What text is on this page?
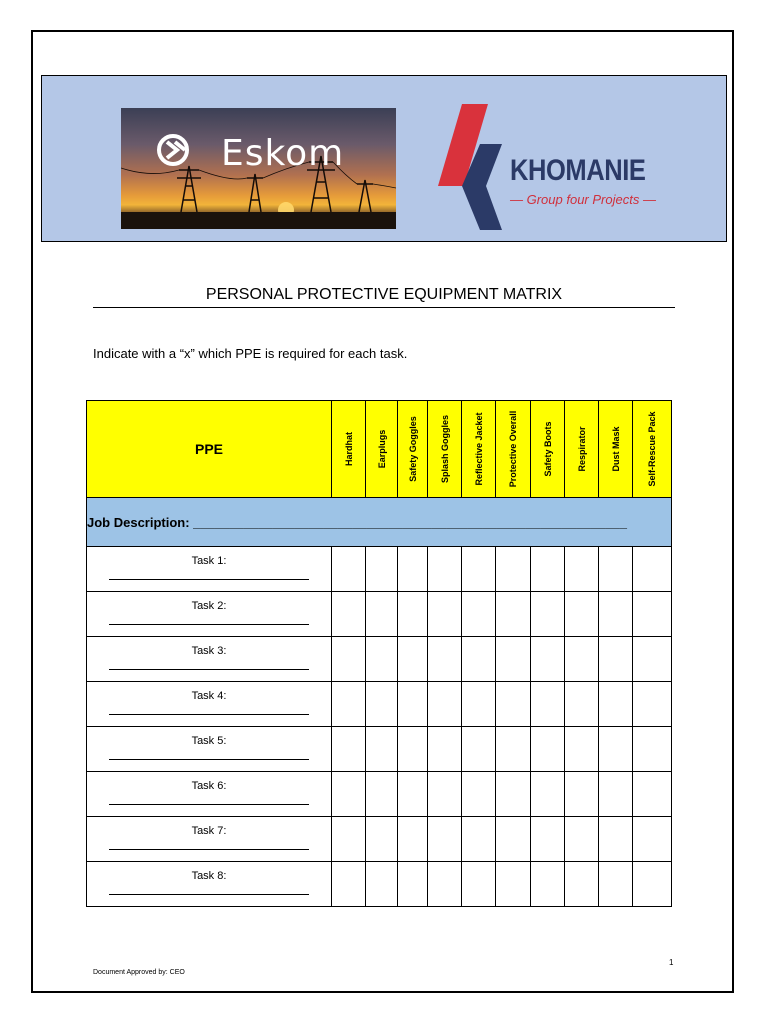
Eskom	KHOMANIE
— Group four Projects —
PERSONAL PROTECTIVE EQUIPMENT MATRIX
Indicate with a “x” which PPE is required for each task.
PPE	Hardhat	Earplugs	Safety Goggles	Splash Goggles	Reflective Jacket	Protective Overall	Safety Boots	Respirator	Dust Mask	Self-Rescue Pack

Job Description: ____________________________________________________________										

Task 1:										

Task 2:										

Task 3:										

Task 4:										

Task 5:										

Task 6:										

Task 7:										

Task 8:										

Document Approved by: CEO
1
